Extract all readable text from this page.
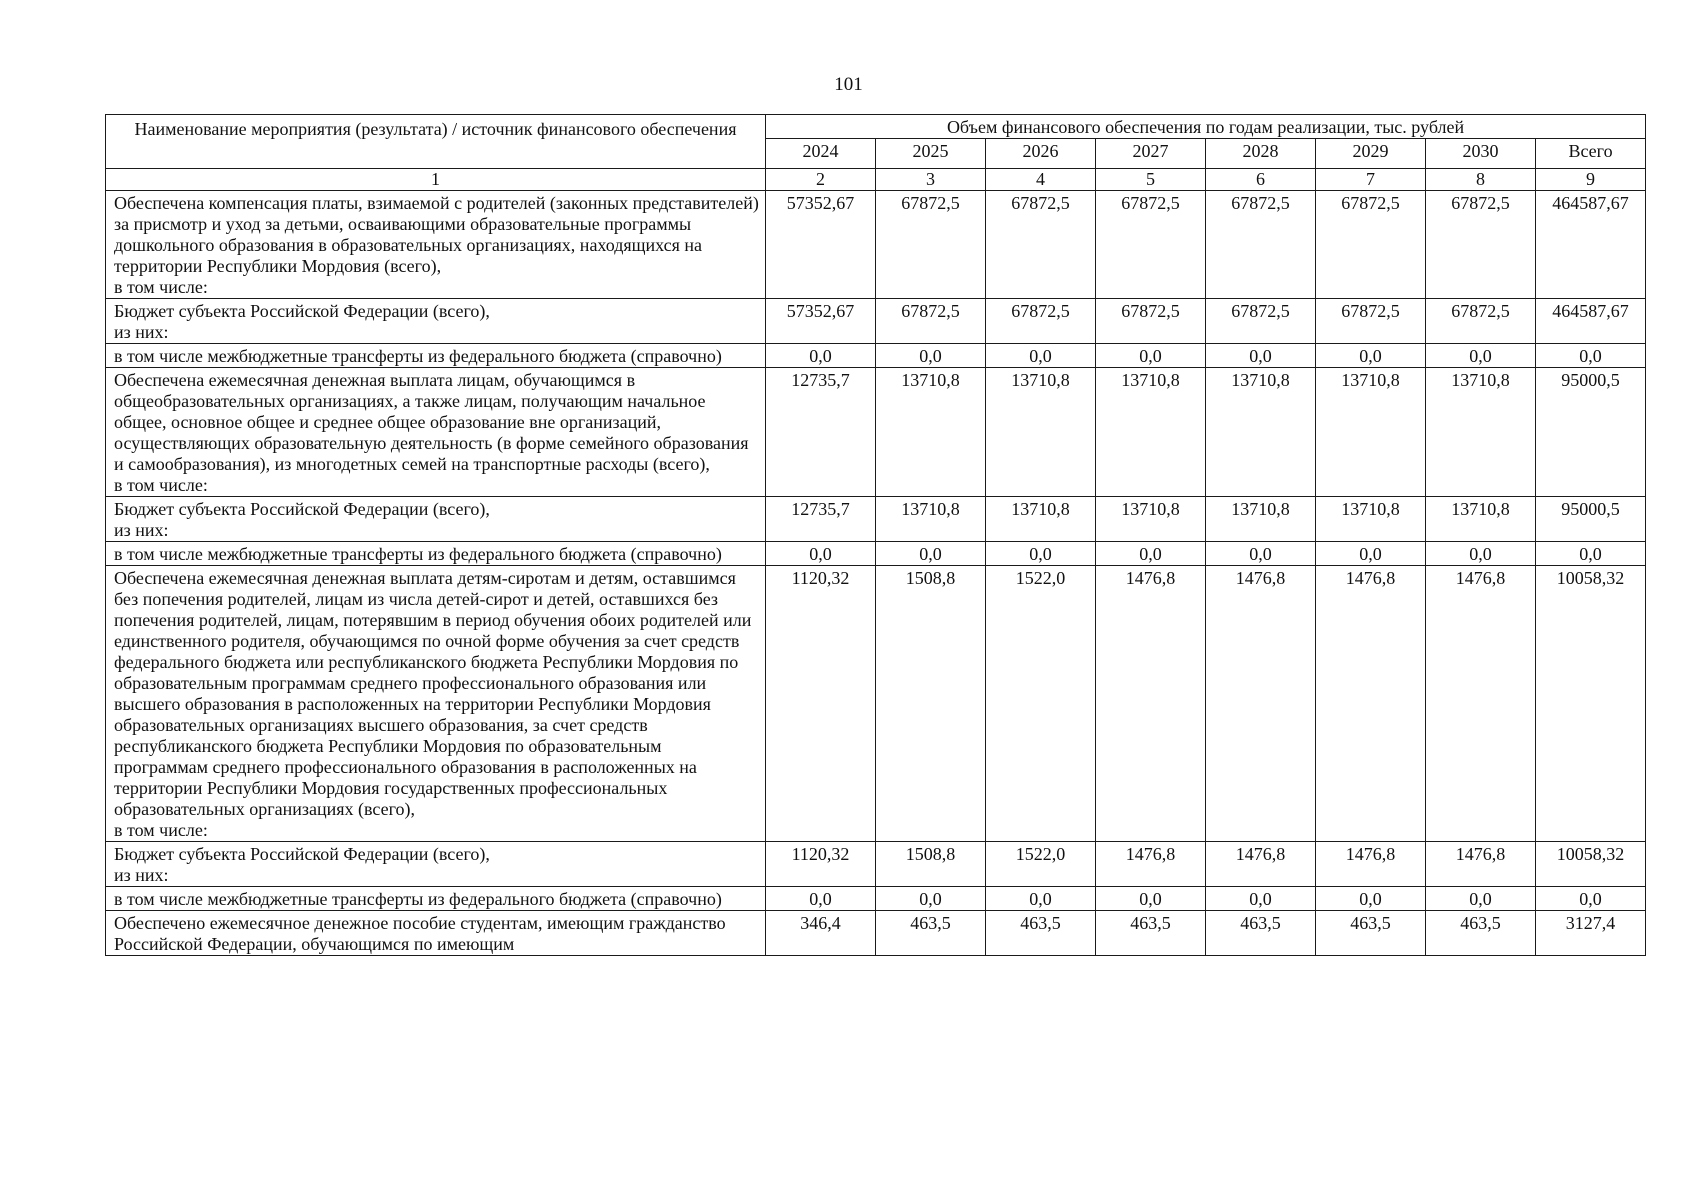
101
Наименование мероприятия (результата) / источник финансового обеспечения	Объем финансового обеспечения по годам реализации, тыс. рублей							
	2024	2025	2026	2027	2028	2029	2030	Всего
1	2	3	4	5	6	7	8	9

Обеспечена компенсация платы, взимаемой с родителей (законных представителей) за присмотр и уход за детьми, осваивающими образовательные программы дошкольного образования в образовательных организациях, находящихся на территории Республики Мордовия (всего),
в том числе:	57352,67	67872,5	67872,5	67872,5	67872,5	67872,5	67872,5	464587,67

Бюджет субъекта Российской Федерации (всего),
из них:	57352,67	67872,5	67872,5	67872,5	67872,5	67872,5	67872,5	464587,67

в том числе межбюджетные трансферты из федерального бюджета (справочно)	0,0	0,0	0,0	0,0	0,0	0,0	0,0	0,0

Обеспечена ежемесячная денежная выплата лицам, обучающимся в общеобразовательных организациях, а также лицам, получающим начальное общее, основное общее и среднее общее образование вне организаций, осуществляющих образовательную деятельность (в форме семейного образования и самообразования), из многодетных семей на транспортные расходы (всего),
в том числе:	12735,7	13710,8	13710,8	13710,8	13710,8	13710,8	13710,8	95000,5

Бюджет субъекта Российской Федерации (всего),
из них:	12735,7	13710,8	13710,8	13710,8	13710,8	13710,8	13710,8	95000,5

в том числе межбюджетные трансферты из федерального бюджета (справочно)	0,0	0,0	0,0	0,0	0,0	0,0	0,0	0,0

Обеспечена ежемесячная денежная выплата детям-сиротам и детям, оставшимся без попечения родителей, лицам из числа детей-сирот и детей, оставшихся без попечения родителей, лицам, потерявшим в период обучения обоих родителей или единственного родителя, обучающимся по очной форме обучения за счет средств федерального бюджета или республиканского бюджета Республики Мордовия по образовательным программам среднего профессионального образования или высшего образования в расположенных на территории Республики Мордовия образовательных организациях высшего образования, за счет средств республиканского бюджета Республики Мордовия по образовательным программам среднего профессионального образования в расположенных на территории Республики Мордовия государственных профессиональных образовательных организациях (всего),
в том числе:	1120,32	1508,8	1522,0	1476,8	1476,8	1476,8	1476,8	10058,32

Бюджет субъекта Российской Федерации (всего),
из них:	1120,32	1508,8	1522,0	1476,8	1476,8	1476,8	1476,8	10058,32

в том числе межбюджетные трансферты из федерального бюджета (справочно)	0,0	0,0	0,0	0,0	0,0	0,0	0,0	0,0

Обеспечено ежемесячное денежное пособие студентам, имеющим гражданство Российской Федерации, обучающимся по имеющим	346,4	463,5	463,5	463,5	463,5	463,5	463,5	3127,4
